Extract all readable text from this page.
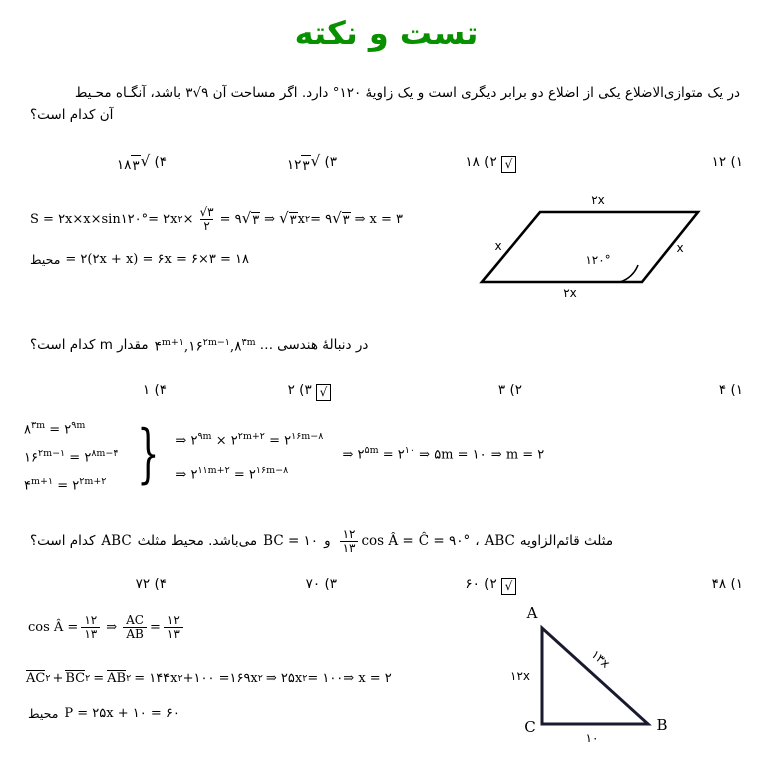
تست و نکته
در یک متوازی‌الاضلاع یکی از اضلاع دو برابر دیگری است و یک زاویهٔ ۱۲۰° دارد. اگر مساحت آن ۹√۳ باشد، آنگـاه محـیط
آن کدام است؟
۱) ۱۲
√ ۲) ۱۸
۳)
√
۳
۱۲
۴)
√
۳
۱۸
S = ۲x×x×sin۱۲۰° = ۲x ۲ × $\frac{√۳}{۲}$ = ۹ √ ۳ ⇒ √ ۳ x ۲ = ۹ √ ۳ ⇒ x = ۳
محیط = ۲(۲x + x) = ۶x = ۶×۳ = ۱۸
۲x
۲x
x	x
۱۲۰°
در دنبالهٔ هندسی
…
$۴^{m+۱},۱۶^{۲m-۱},۸^{۳m}$
مقدار m کدام است؟
۱) ۴
۲) ۳
√ ۳) ۲
۴) ۱
$۸^{۳m}$ = $۲^{۹m}$
$۱۶^{۲m-۱}$ = $۲^{۸m-۴}$
$۴^{m+۱}$ = $۲^{۲m+۲}$ } ⇒ $۲^{۹m}$ × $۲^{۲m+۲}$ = $۲^{۱۶m-۸}$
⇒ $۲^{۱۱m+۲}$ = $۲^{۱۶m-۸}$
⇒ $۲^{۵m}$ = $۲^{۱۰}$ ⇒ ۵m = ۱۰ ⇒ m = ۲
مثلث قائم‌الزاویه
ABC
،
Ĉ = ۹۰°
cos Â =
$\frac{۱۲}{۱۳}$
و
BC = ۱۰
می‌باشد. محیط مثلث
ABC
کدام است؟
۱) ۴۸
√ ۲) ۶۰
۳) ۷۰
۴) ۷۲
cos Â = $\frac{۱۲}{۱۳}$ ⇒ $\frac{AC}{AB} = \frac{۱۲}{۱۳}$
AC ۲ + BC ۲ = AB ۲ = ۱۴۴x ۲ +۱۰۰ =۱۶۹x ۲ ⇒ ۲۵x ۲ = ۱۰۰ ⇒ x = ۲
محیط P = ۲۵x + ۱۰ = ۶۰
A
C	B
۱۲x
۱۳x
۱۰
